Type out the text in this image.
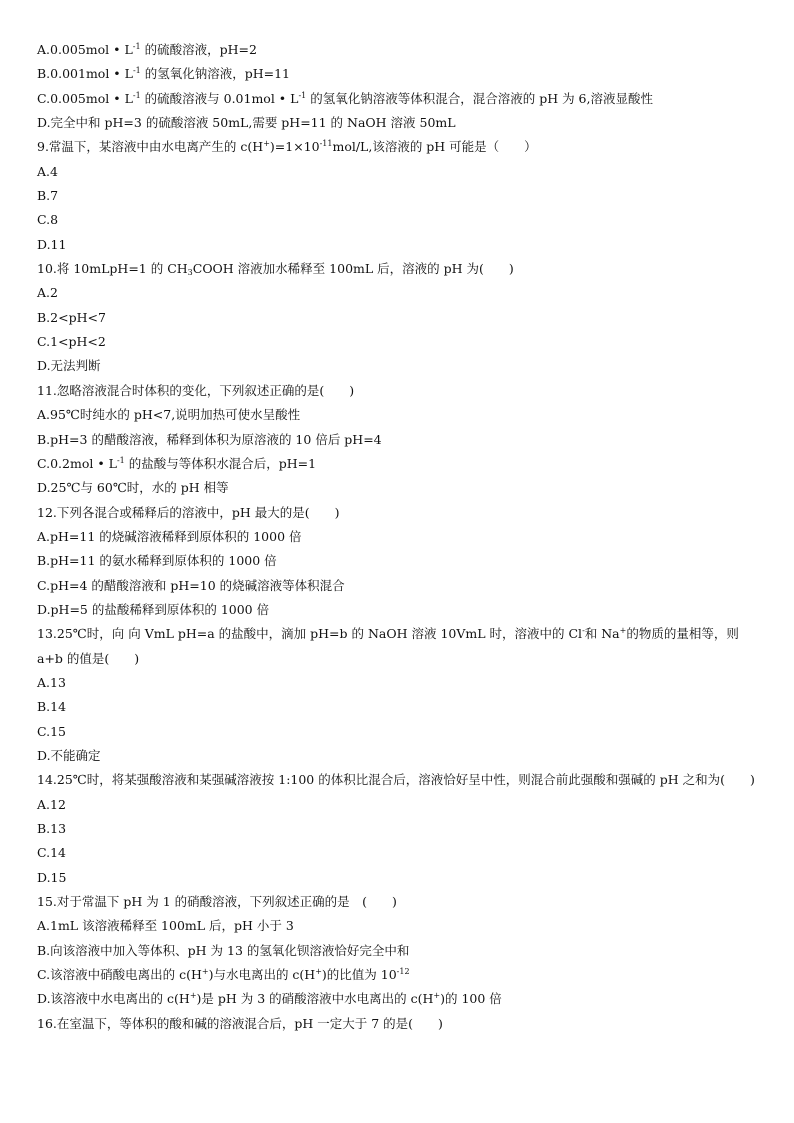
A.0.005mol • $L^{-1}$ 的硫酸溶液，pH=2
B.0.001mol • $L^{-1}$ 的氢氧化钠溶液，pH=11
C.0.005mol • $L^{-1}$ 的硫酸溶液与 0.01mol • $L^{-1}$ 的氢氧化钠溶液等体积混合，混合溶液的 pH 为 6,溶液显酸性
D.完全中和 pH=3 的硫酸溶液 50mL,需要 pH=11 的 NaOH 溶液 50mL
9.常温下，某溶液中由水电离产生的 $c(H^+)=1\times 10^{-11}mol/L$,该溶液的 pH 可能是（　　）
A.4
B.7
C.8
D.11
10.将 10mLpH=1 的 $CH_3COOH$ 溶液加水稀释至 100mL 后，溶液的 pH 为(　　)
A.2
B.2<pH<7
C.1<pH<2
D.无法判断
11.忽略溶液混合时体积的变化，下列叙述正确的是(　　)
A.95℃时纯水的 pH<7,说明加热可使水呈酸性
B.pH=3 的醋酸溶液，稀释到体积为原溶液的 10 倍后 pH=4
C.0.2mol • $L^{-1}$ 的盐酸与等体积水混合后，pH=1
D.25℃与 60℃时，水的 pH 相等
12.下列各混合或稀释后的溶液中，pH 最大的是(　　)
A.pH=11 的烧碱溶液稀释到原体积的 1000 倍
B.pH=11 的氨水稀释到原体积的 1000 倍
C.pH=4 的醋酸溶液和 pH=10 的烧碱溶液等体积混合
D.pH=5 的盐酸稀释到原体积的 1000 倍
13.25℃时，向 向 VmL pH=a 的盐酸中，滴加 pH=b 的 NaOH 溶液 10VmL 时，溶液中的 Cl-和 Na+的物质的量相等，则 a+b 的值是(　　)
A.13
B.14
C.15
D.不能确定
14.25℃时，将某强酸溶液和某强碱溶液按 1:100 的体积比混合后，溶液恰好呈中性，则混合前此强酸和强碱的 pH 之和为(　　)
A.12
B.13
C.14
D.15
15.对于常温下 pH 为 1 的硝酸溶液，下列叙述正确的是　(　　)
A.1mL 该溶液稀释至 100mL 后，pH 小于 3
B.向该溶液中加入等体积、pH 为 13 的氢氧化钡溶液恰好完全中和
C.该溶液中硝酸电离出的 c(H+)与水电离出的 c(H+)的比值为 $10^{-12}$
D.该溶液中水电离出的 c(H+)是 pH 为 3 的硝酸溶液中水电离出的 c(H+)的 100 倍
16.在室温下，等体积的酸和碱的溶液混合后，pH 一定大于 7 的是(　　)
